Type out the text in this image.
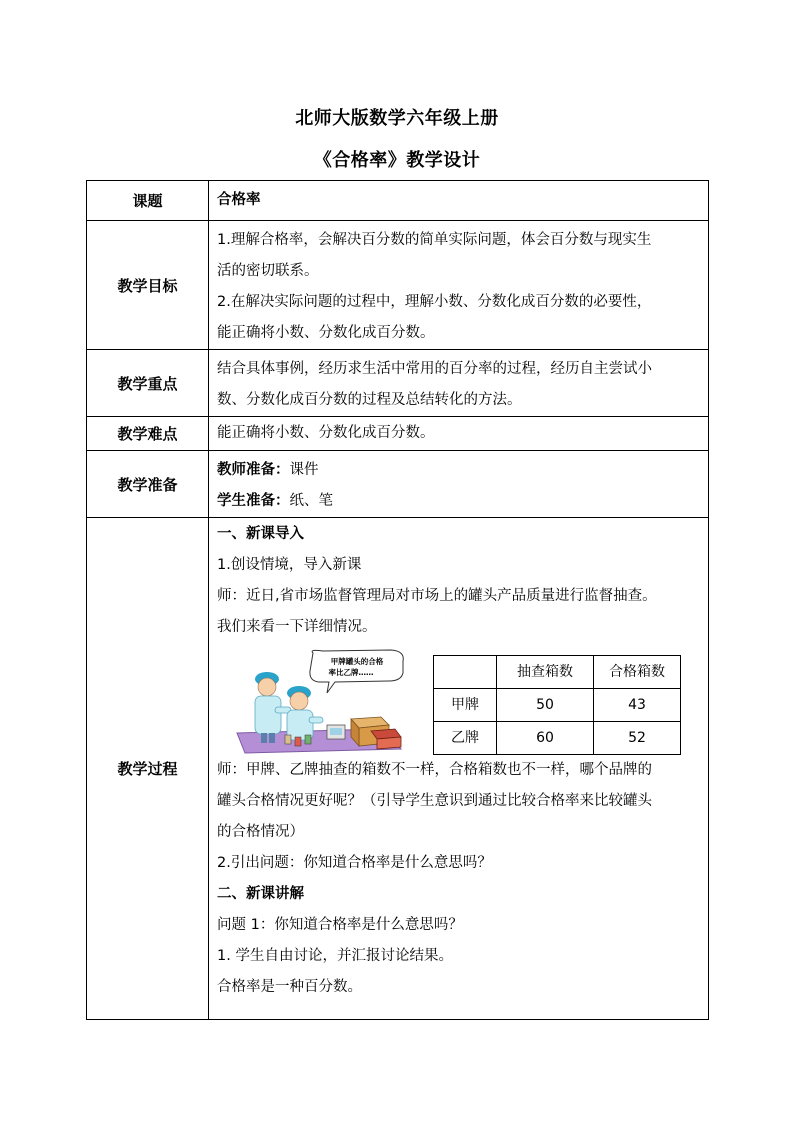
北师大版数学六年级上册
《合格率》教学设计
课题	合格率
教学目标	
1.理解合格率，会解决百分数的简单实际问题，体会百分数与现实生
活的密切联系。
2.在解决实际问题的过程中，理解小数、分数化成百分数的必要性，
能正确将小数、分数化成百分数。

教学重点	
结合具体事例，经历求生活中常用的百分率的过程，经历自主尝试小
数、分数化成百分数的过程及总结转化的方法。

教学难点	能正确将小数、分数化成百分数。

教学准备	
教师准备：课件
学生准备：纸、笔

教学过程	
一、新课导入
1.创设情境，导入新课
师：近日,省市场监督管理局对市场上的罐头产品质量进行监督抽查。
我们来看一下详细情况。
甲牌罐头的合格
率比乙牌……
		抽查箱数	合格箱数
甲牌	50	43
乙牌	60	52
师：甲牌、乙牌抽查的箱数不一样，合格箱数也不一样，哪个品牌的
罐头合格情况更好呢？（引导学生意识到通过比较合格率来比较罐头
的合格情况）
2.引出问题：你知道合格率是什么意思吗？
二、新课讲解
问题 1：你知道合格率是什么意思吗？
1. 学生自由讨论，并汇报讨论结果。
合格率是一种百分数。
